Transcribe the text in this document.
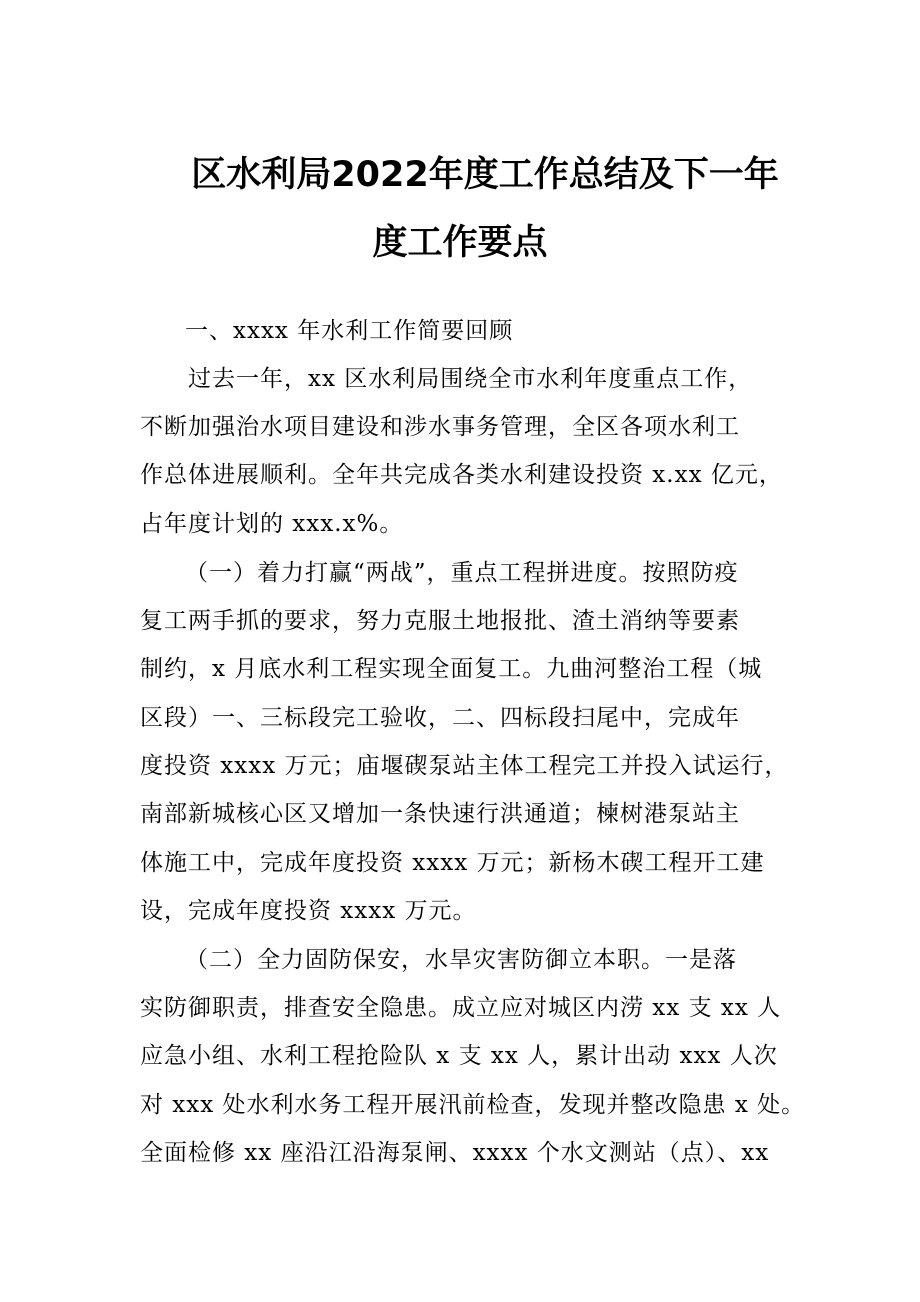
区水利局2022年度工作总结及下一年
度工作要点
一、xxxx 年水利工作简要回顾
过去一年，xx 区水利局围绕全市水利年度重点工作，
不断加强治水项目建设和涉水事务管理，全区各项水利工
作总体进展顺利。全年共完成各类水利建设投资 x.xx 亿元，
占年度计划的 xxx.x%。
（一）着力打赢“两战”，重点工程拼进度。按照防疫
复工两手抓的要求，努力克服土地报批、渣土消纳等要素
制约，x 月底水利工程实现全面复工。九曲河整治工程（城
区段）一、三标段完工验收，二、四标段扫尾中，完成年
度投资 xxxx 万元；庙堰碶泵站主体工程完工并投入试运行，
南部新城核心区又增加一条快速行洪通道；楝树港泵站主
体施工中，完成年度投资 xxxx 万元；新杨木碶工程开工建
设，完成年度投资 xxxx 万元。
（二）全力固防保安，水旱灾害防御立本职。一是落
实防御职责，排查安全隐患。成立应对城区内涝 xx 支 xx 人
应急小组、水利工程抢险队 x 支 xx 人，累计出动 xxx 人次
对 xxx 处水利水务工程开展汛前检查，发现并整改隐患 x 处。
全面检修 xx 座沿江沿海泵闸、xxxx 个水文测站（点）、xx
